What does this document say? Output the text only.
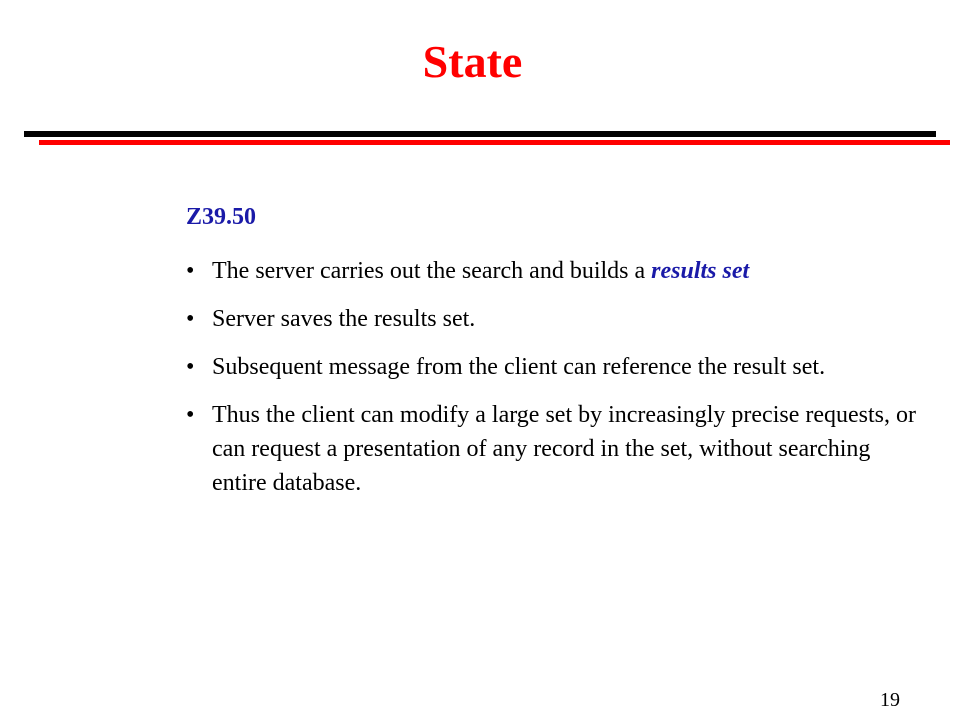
State
Z39.50
• The server carries out the search and builds a results set
• Server saves the results set.
• Subsequent message from the client can reference the result set.
• Thus the client can modify a large set by increasingly precise requests, or can request a presentation of any record in the set, without searching entire database.
19
